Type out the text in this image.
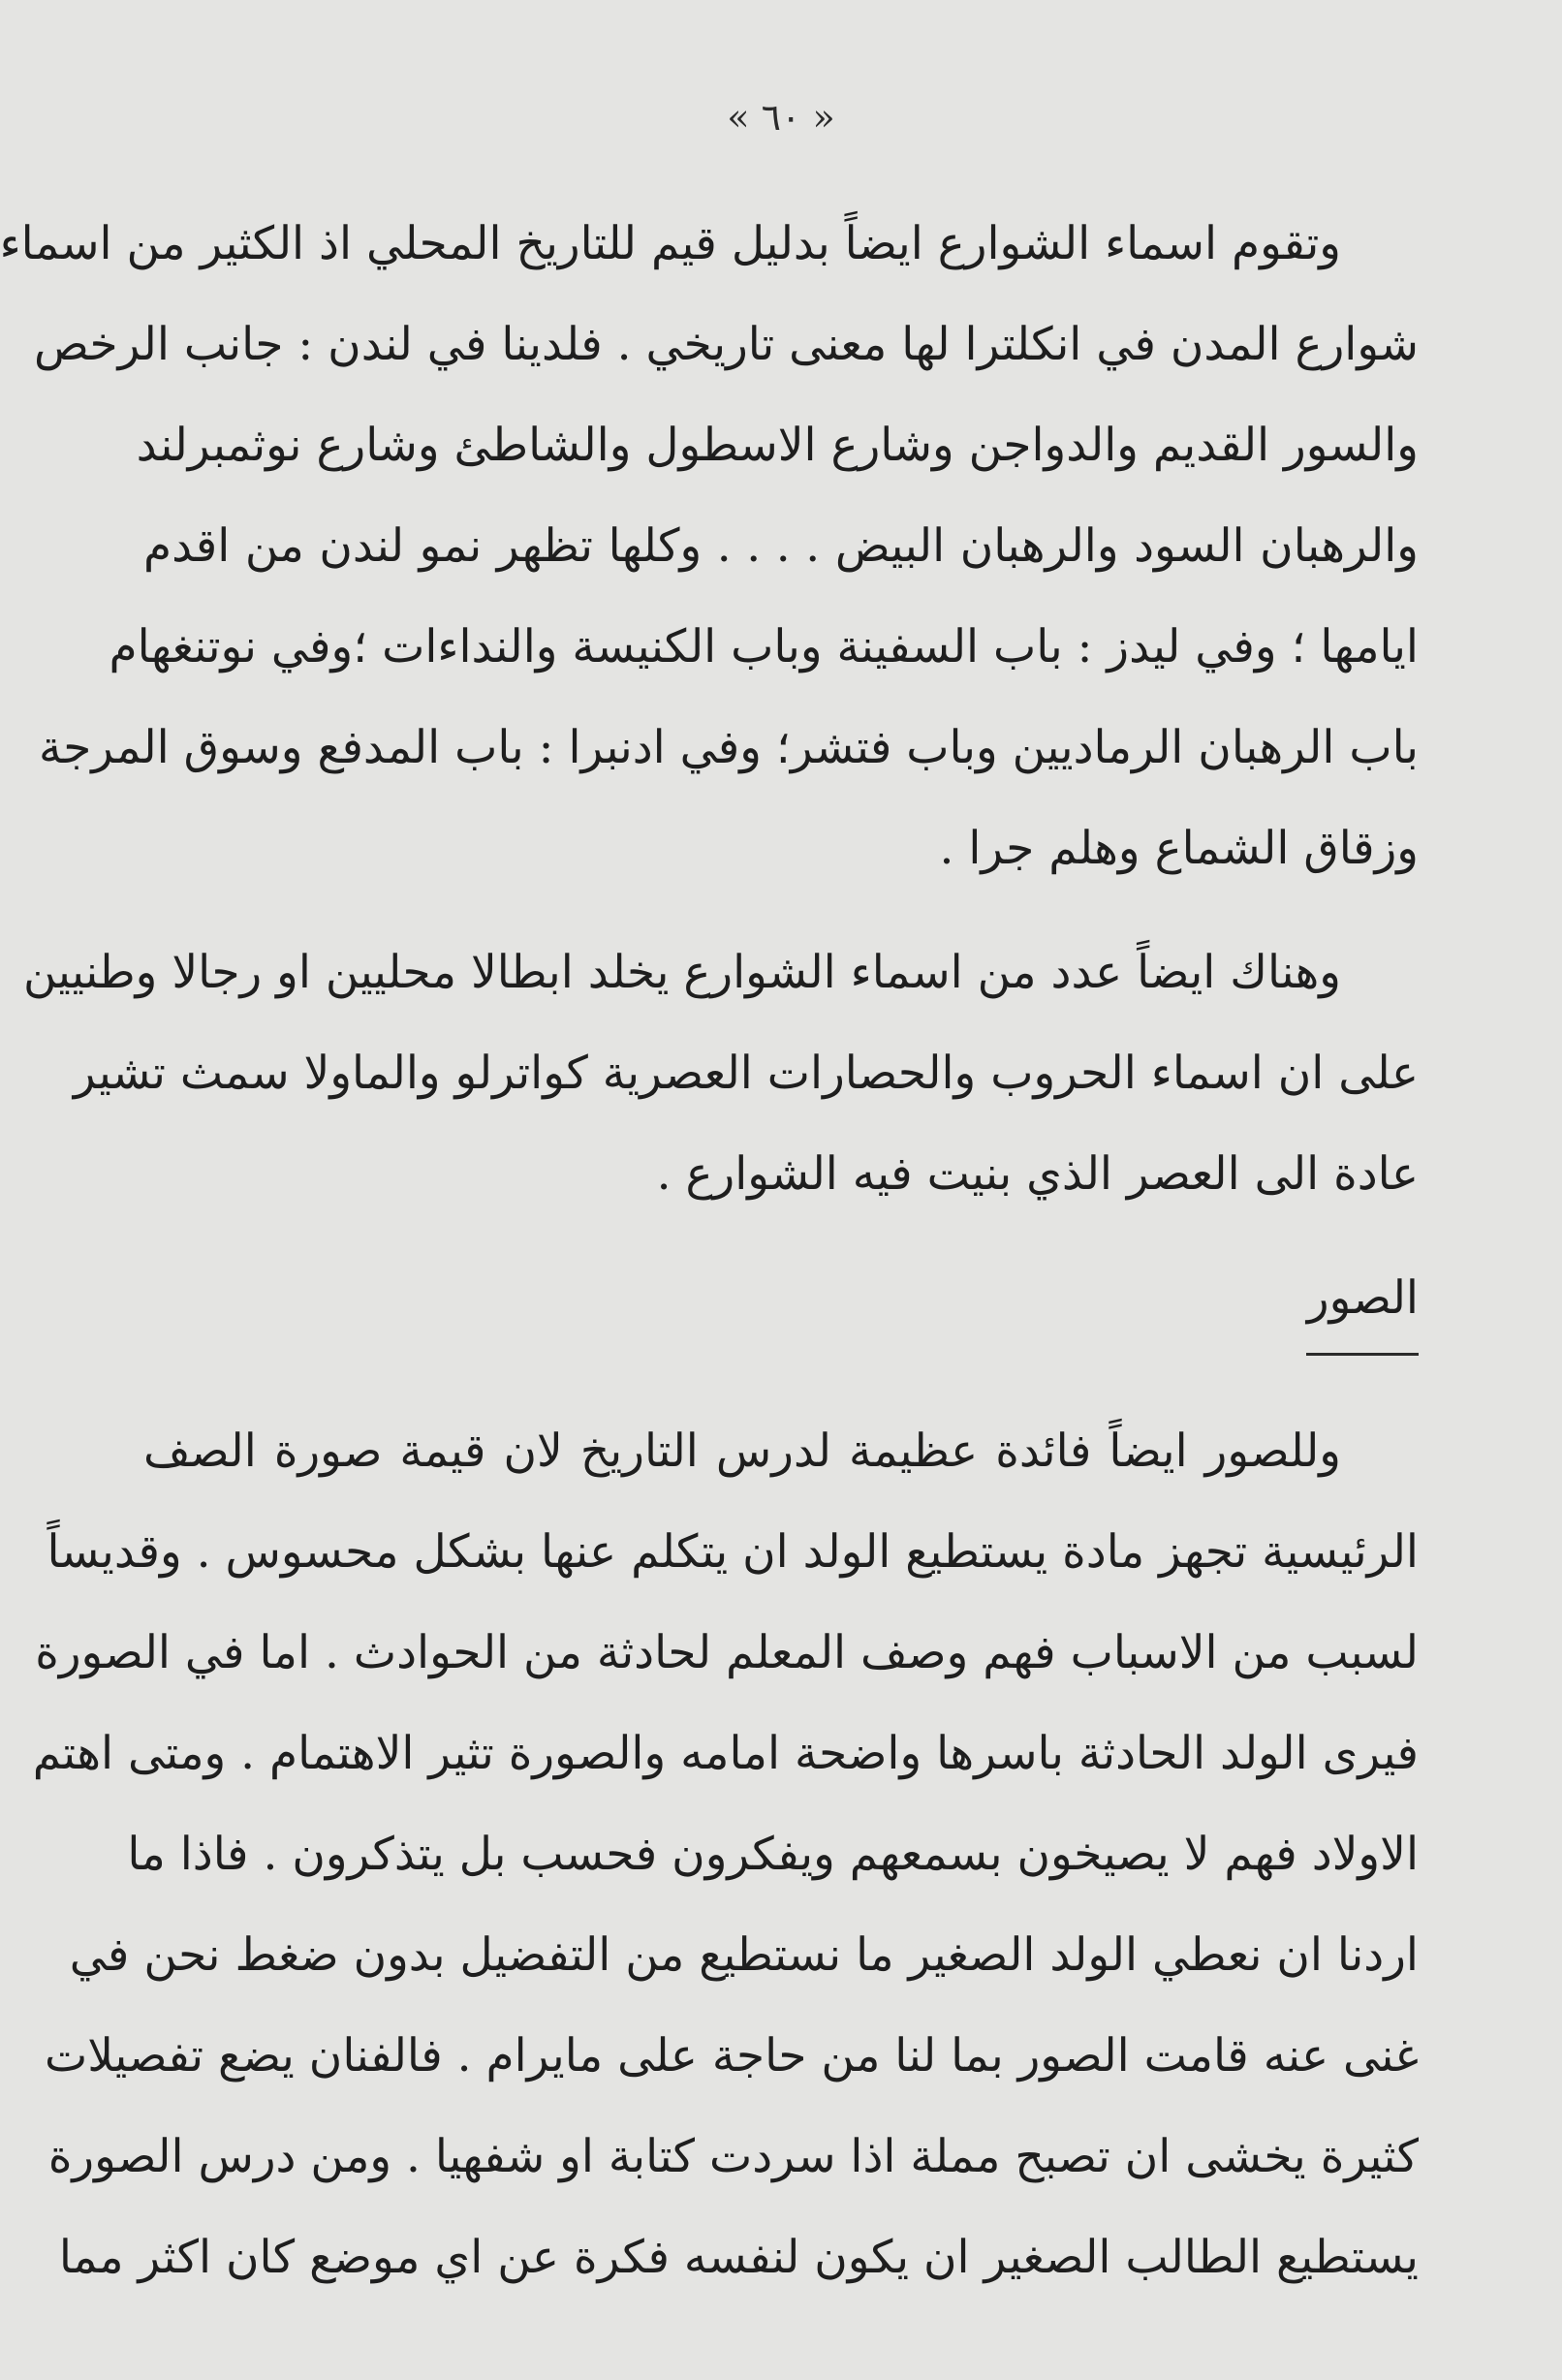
« ٦٠ »
وتقوم اسماء الشوارع ايضاً بدليل قيم للتاريخ المحلي اذ الكثير من اسماء
شوارع المدن في انكلترا لها معنى تاريخي . فلدينا في لندن : جانب الرخص
والسور القديم والدواجن وشارع الاسطول والشاطئ وشارع نوثمبرلند
والرهبان السود والرهبان البيض . . . . وكلها تظهر نمو لندن من اقدم
ايامها ؛ وفي ليدز : باب السفينة وباب الكنيسة والنداءات ؛وفي نوتنغهام
باب الرهبان الرماديين وباب فتشر؛ وفي ادنبرا : باب المدفع وسوق المرجة
وزقاق الشماع وهلم جرا .
وهناك ايضاً عدد من اسماء الشوارع يخلد ابطالا محليين او رجالا وطنيين
على ان اسماء الحروب والحصارات العصرية كواترلو والماولا سمث تشير
عادة الى العصر الذي بنيت فيه الشوارع .
الصور
وللصور ايضاً فائدة عظيمة لدرس التاريخ لان قيمة صورة الصف
الرئيسية تجهز مادة يستطيع الولد ان يتكلم عنها بشكل محسوس . وقديساً
لسبب من الاسباب فهم وصف المعلم لحادثة من الحوادث . اما في الصورة
فيرى الولد الحادثة باسرها واضحة امامه والصورة تثير الاهتمام . ومتى اهتم
الاولاد فهم لا يصيخون بسمعهم ويفكرون فحسب بل يتذكرون . فاذا ما
اردنا ان نعطي الولد الصغير ما نستطيع من التفضيل بدون ضغط نحن في
غنى عنه قامت الصور بما لنا من حاجة على مايرام . فالفنان يضع تفصيلات
كثيرة يخشى ان تصبح مملة اذا سردت كتابة او شفهيا . ومن درس الصورة
يستطيع الطالب الصغير ان يكون لنفسه فكرة عن اي موضع كان اكثر مما
